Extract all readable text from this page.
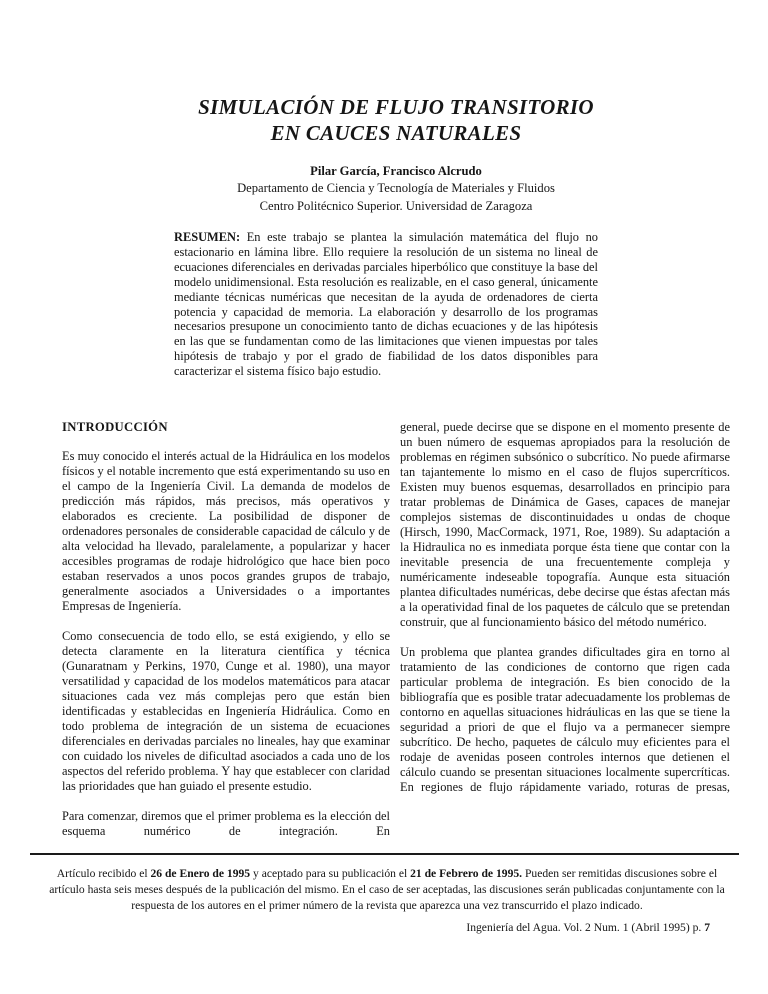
SIMULACIÓN DE FLUJO TRANSITORIO
EN CAUCES NATURALES

Pilar García, Francisco Alcrudo

Departamento de Ciencia y Tecnología de Materiales y Fluidos

Centro Politécnico Superior. Universidad de Zaragoza

RESUMEN: En este trabajo se plantea la simulación matemática del flujo no estacionario en lámina libre. Ello requiere la resolución de un sistema no lineal de ecuaciones diferenciales en derivadas parciales hiperbólico que constituye la base del modelo unidimensional. Esta resolución es realizable, en el caso general, únicamente mediante técnicas numéricas que necesitan de la ayuda de ordenadores de cierta potencia y capacidad de memoria. La elaboración y desarrollo de los programas necesarios presupone un conocimiento tanto de dichas ecuaciones y de las hipótesis en las que se fundamentan como de las limitaciones que vienen impuestas por tales hipótesis de trabajo y por el grado de fiabilidad de los datos disponibles para caracterizar el sistema físico bajo estudio.
INTRODUCCIÓN

Es muy conocido el interés actual de la Hidráulica en los modelos físicos y el notable incremento que está experimentando su uso en el campo de la Ingeniería Civil. La demanda de modelos de predicción más rápidos, más precisos, más operativos y elaborados es creciente. La posibilidad de disponer de ordenadores personales de considerable capacidad de cálculo y de alta velocidad ha llevado, paralelamente, a popularizar y hacer accesibles programas de rodaje hidrológico que hace bien poco estaban reservados a unos pocos grandes grupos de trabajo, generalmente asociados a Universidades o a importantes Empresas de Ingeniería.

Como consecuencia de todo ello, se está exigiendo, y ello se detecta claramente en la literatura científica y técnica (Gunaratnam y Perkins, 1970, Cunge et al. 1980), una mayor versatilidad y capacidad de los modelos matemáticos para atacar situaciones cada vez más complejas pero que están bien identificadas y establecidas en Ingeniería Hidráulica. Como en todo problema de integración de un sistema de ecuaciones diferenciales en derivadas parciales no lineales, hay que examinar con cuidado los niveles de dificultad asociados a cada uno de los aspectos del referido problema. Y hay que establecer con claridad las prioridades que han guiado el presente estudio.

Para comenzar, diremos que el primer problema es la elección del esquema numérico de integración. En

general, puede decirse que se dispone en el momento presente de un buen número de esquemas apropiados para la resolución de problemas en régimen subsónico o subcrítico. No puede afirmarse tan tajantemente lo mismo en el caso de flujos supercríticos. Existen muy buenos esquemas, desarrollados en principio para tratar problemas de Dinámica de Gases, capaces de manejar complejos sistemas de discontinuidades u ondas de choque (Hirsch, 1990, MacCormack, 1971, Roe, 1989). Su adaptación a la Hidraulica no es inmediata porque ésta tiene que contar con la inevitable presencia de una frecuentemente compleja y numéricamente indeseable topografía. Aunque esta situación plantea dificultades numéricas, debe decirse que éstas afectan más a la operatividad final de los paquetes de cálculo que se pretendan construir, que al funcionamiento básico del método numérico.

Un problema que plantea grandes dificultades gira en torno al tratamiento de las condiciones de contorno que rigen cada particular problema de integración. Es bien conocido de la bibliografía que es posible tratar adecuadamente los problemas de contorno en aquellas situaciones hidráulicas en las que se tiene la seguridad a priori de que el flujo va a permanecer siempre subcrítico. De hecho, paquetes de cálculo muy eficientes para el rodaje de avenidas poseen controles internos que detienen el cálculo cuando se presentan situaciones localmente supercríticas. En regiones de flujo rápidamente variado, roturas de presas,

Artículo recibido el 26 de Enero de 1995 y aceptado para su publicación el 21 de Febrero de 1995. Pueden ser remitidas discusiones sobre el artículo hasta seis meses después de la publicación del mismo. En el caso de ser aceptadas, las discusiones serán publicadas conjuntamente con la respuesta de los autores en el primer número de la revista que aparezca una vez transcurrido el plazo indicado.
Ingeniería del Agua. Vol. 2 Num. 1 (Abril 1995) p. 7
